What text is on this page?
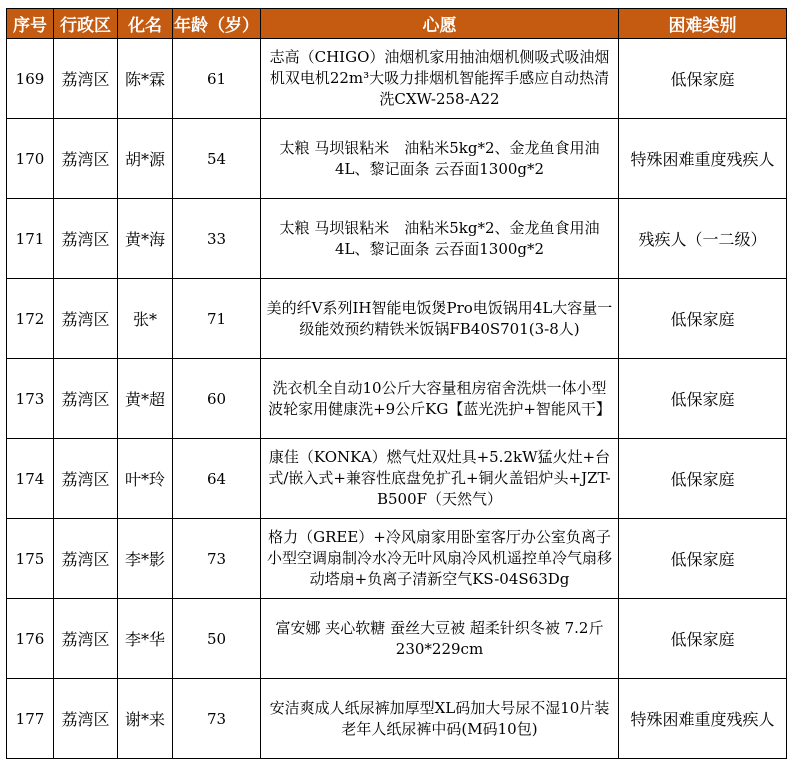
序号	行政区	化名	年龄（岁）	心愿	困难类别
169	荔湾区	陈*霖	61	志高（CHIGO）油烟机家用抽油烟机侧吸式吸油烟机双电机22m³大吸力排烟机智能挥手感应自动热清洗CXW-258-A22	低保家庭
170	荔湾区	胡*源	54	太粮 马坝银粘米　油粘米5kg*2、金龙鱼食用油4L、黎记面条 云吞面1300g*2	特殊困难重度残疾人
171	荔湾区	黄*海	33	太粮 马坝银粘米　油粘米5kg*2、金龙鱼食用油4L、黎记面条 云吞面1300g*2	残疾人（一二级）
172	荔湾区	张*	71	美的纤V系列IH智能电饭煲Pro电饭锅用4L大容量一级能效预约精铁米饭锅FB40S701(3-8人)	低保家庭
173	荔湾区	黄*超	60	洗衣机全自动10公斤大容量租房宿舍洗烘一体小型波轮家用健康洗+9公斤KG【蓝光洗护+智能风干】	低保家庭
174	荔湾区	叶*玲	64	康佳（KONKA）燃气灶双灶具+5.2kW猛火灶+台式/嵌入式+兼容性底盘免扩孔+铜火盖铝炉头+JZT-B500F（天然气）	低保家庭
175	荔湾区	李*影	73	格力（GREE）+冷风扇家用卧室客厅办公室负离子小型空调扇制冷水冷无叶风扇冷风机遥控单冷气扇移动塔扇+负离子清新空气KS-04S63Dg	低保家庭
176	荔湾区	李*华	50	富安娜 夹心软糖 蚕丝大豆被 超柔针织冬被 7.2斤 230*229cm	低保家庭
177	荔湾区	谢*来	73	安洁爽成人纸尿裤加厚型XL码加大号尿不湿10片装老年人纸尿裤中码(M码10包)	特殊困难重度残疾人
